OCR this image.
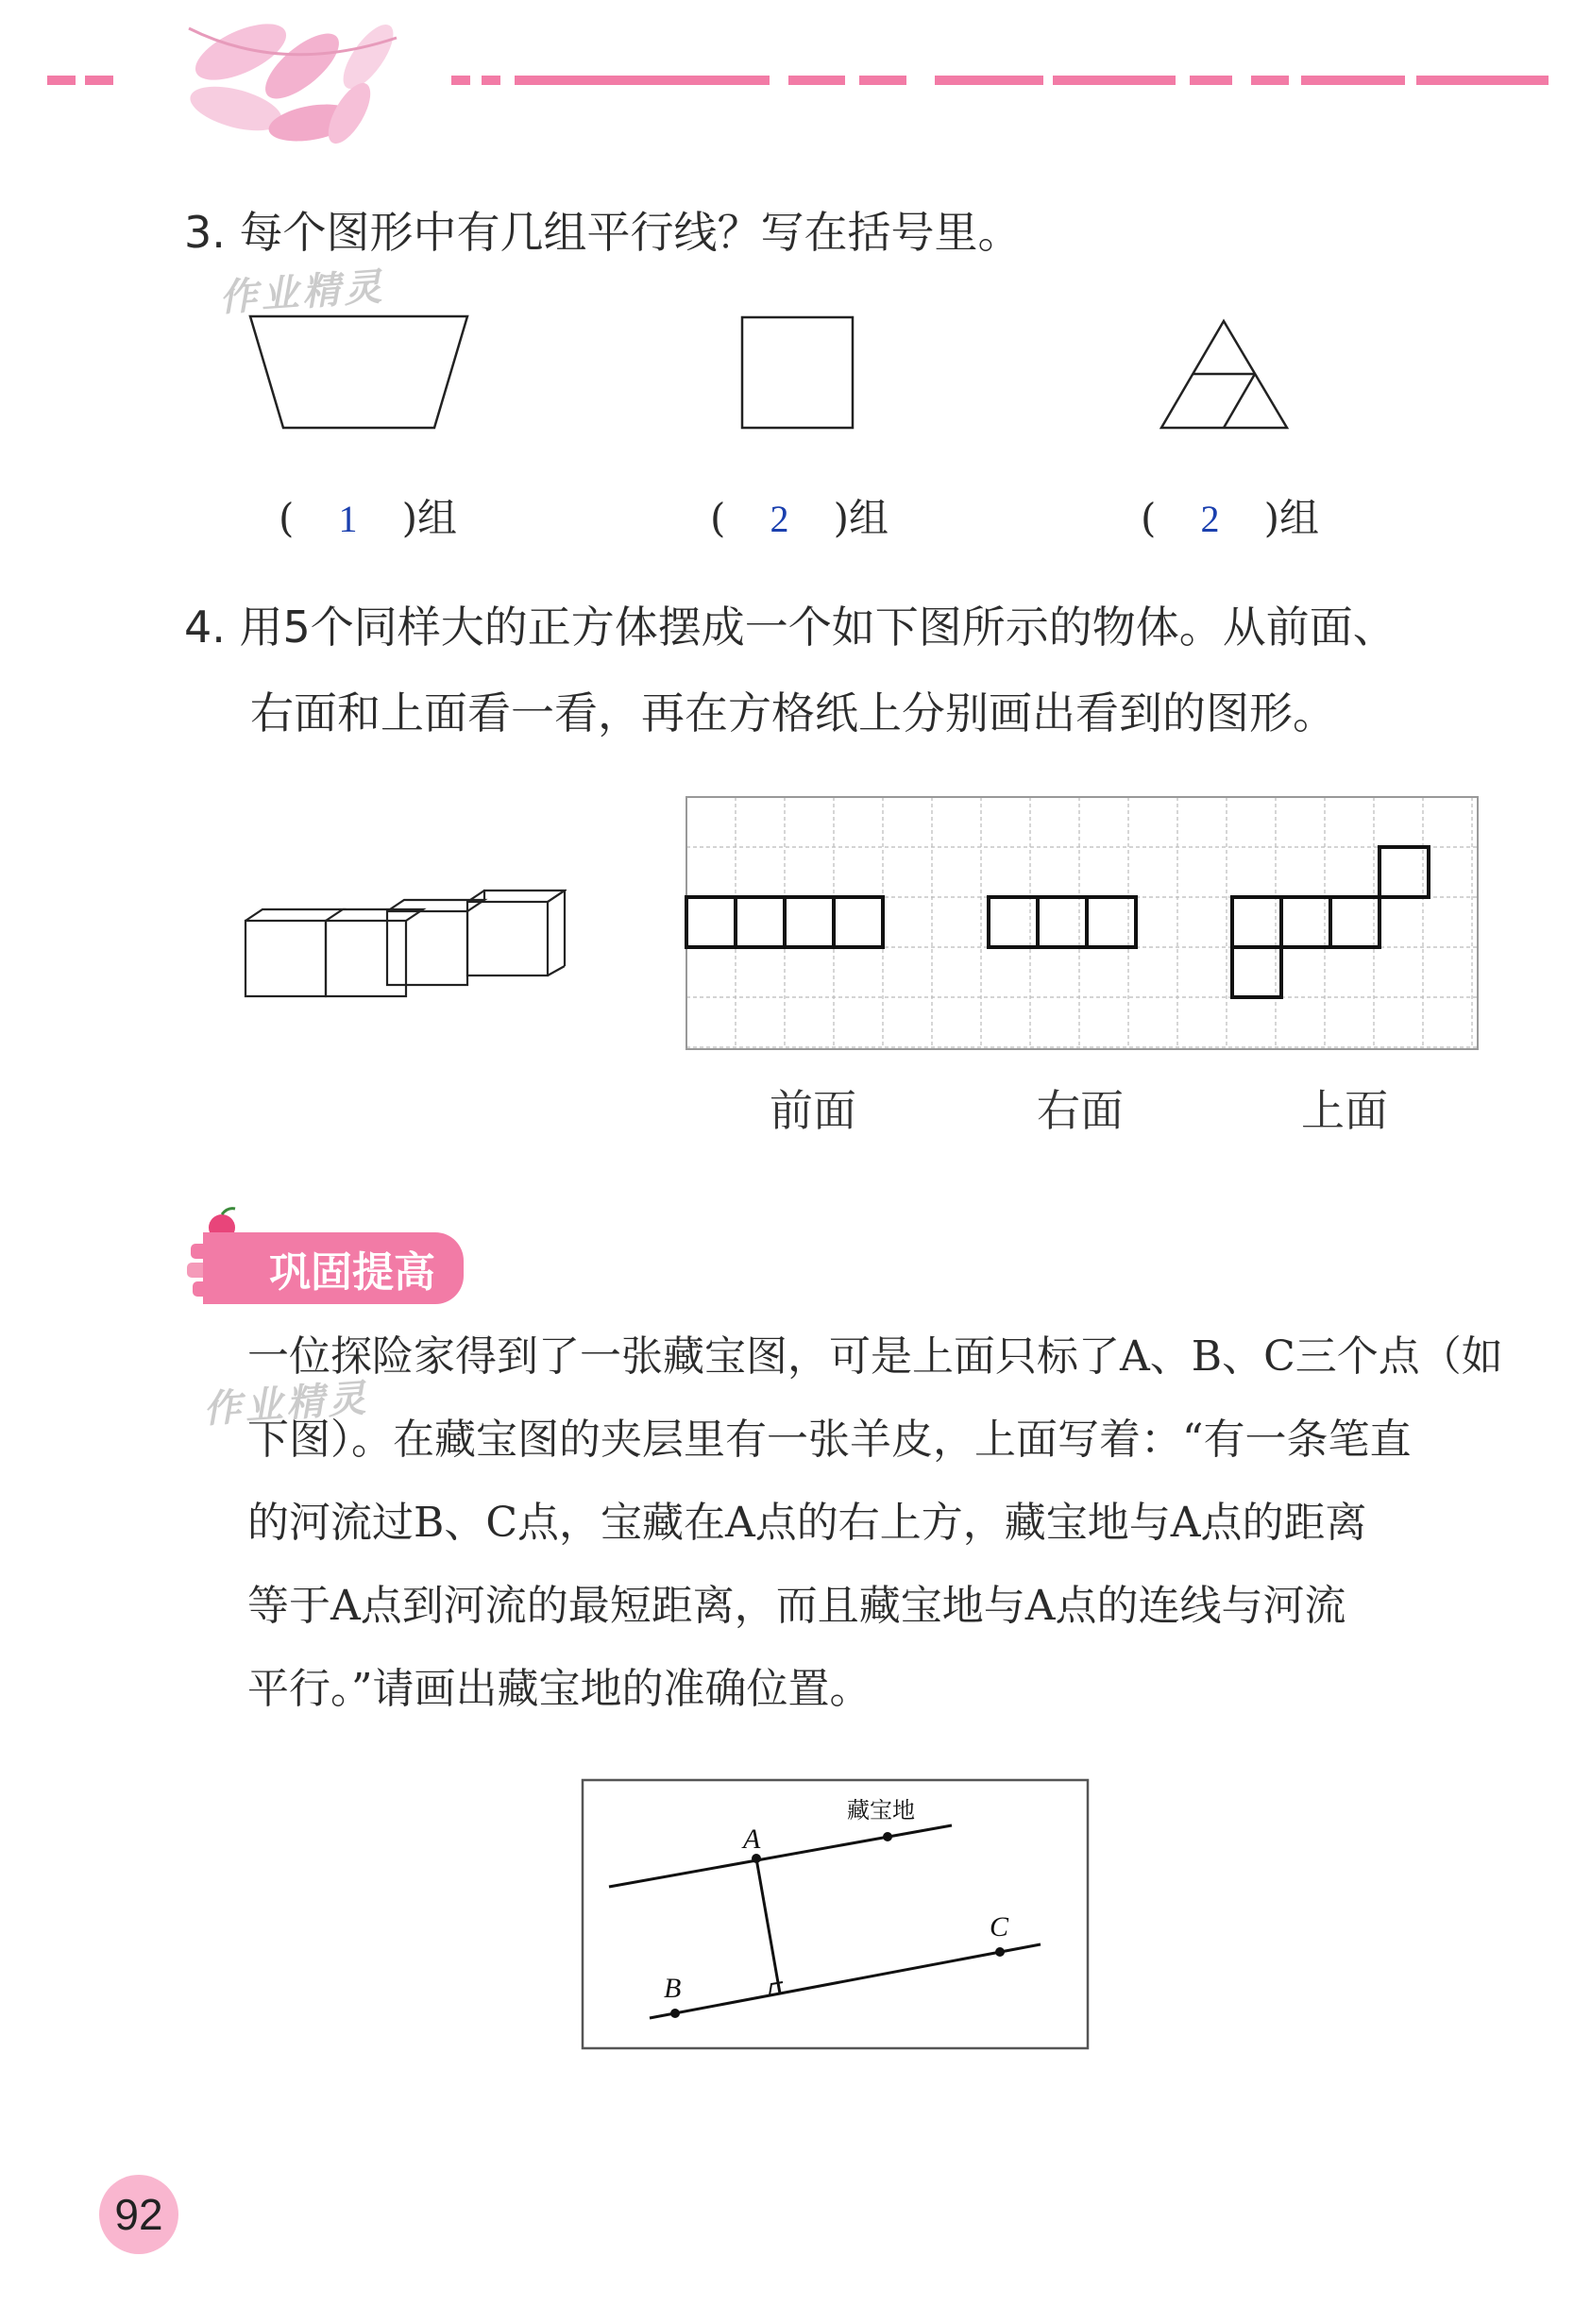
3. 每个图形中有几组平行线？写在括号里。
作业精灵
( 1 )组	( 2 )组	( 2 )组
4. 用5个同样大的正方体摆成一个如下图所示的物体。从前面、
右面和上面看一看，再在方格纸上分别画出看到的图形。
前面	右面	上面
巩固提高
一位探险家得到了一张藏宝图，可是上面只标了A、B、C三个点（如
作业精灵
下图）。在藏宝图的夹层里有一张羊皮，上面写着：“有一条笔直
的河流过B、C点，宝藏在A点的右上方，藏宝地与A点的距离
等于A点到河流的最短距离，而且藏宝地与A点的连线与河流
平行。”请画出藏宝地的准确位置。
A
B
C
藏宝地
92
